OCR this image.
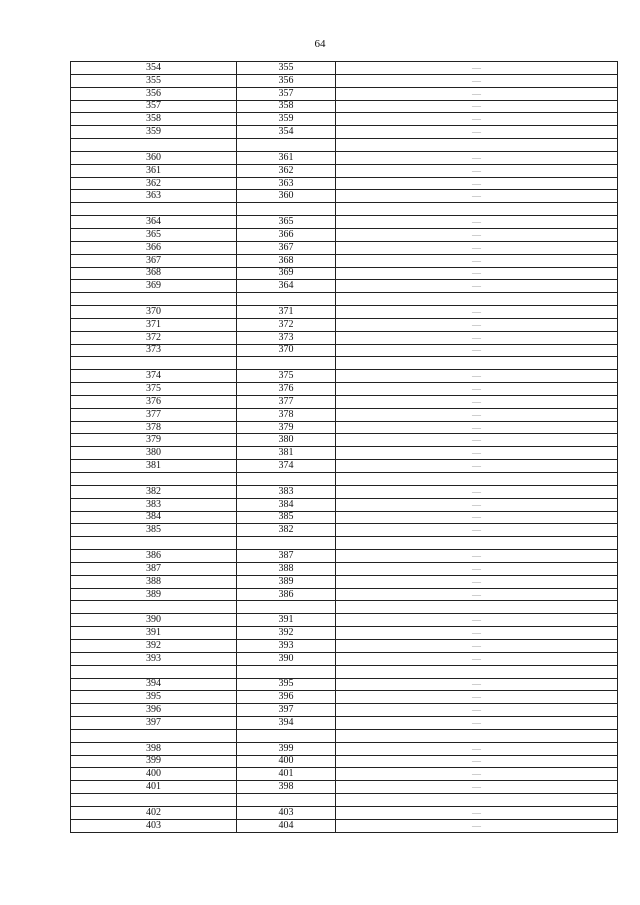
64
354	355	—
355	356	—
356	357	—
357	358	—
358	359	—
359	354	—

360	361	—
361	362	—
362	363	—
363	360	—

364	365	—
365	366	—
366	367	—
367	368	—
368	369	—
369	364	—

370	371	—
371	372	—
372	373	—
373	370	—

374	375	—
375	376	—
376	377	—
377	378	—
378	379	—
379	380	—
380	381	—
381	374	—

382	383	—
383	384	—
384	385	—
385	382	—

386	387	—
387	388	—
388	389	—
389	386	—

390	391	—
391	392	—
392	393	—
393	390	—

394	395	—
395	396	—
396	397	—
397	394	—

398	399	—
399	400	—
400	401	—
401	398	—

402	403	—
403	404	—
